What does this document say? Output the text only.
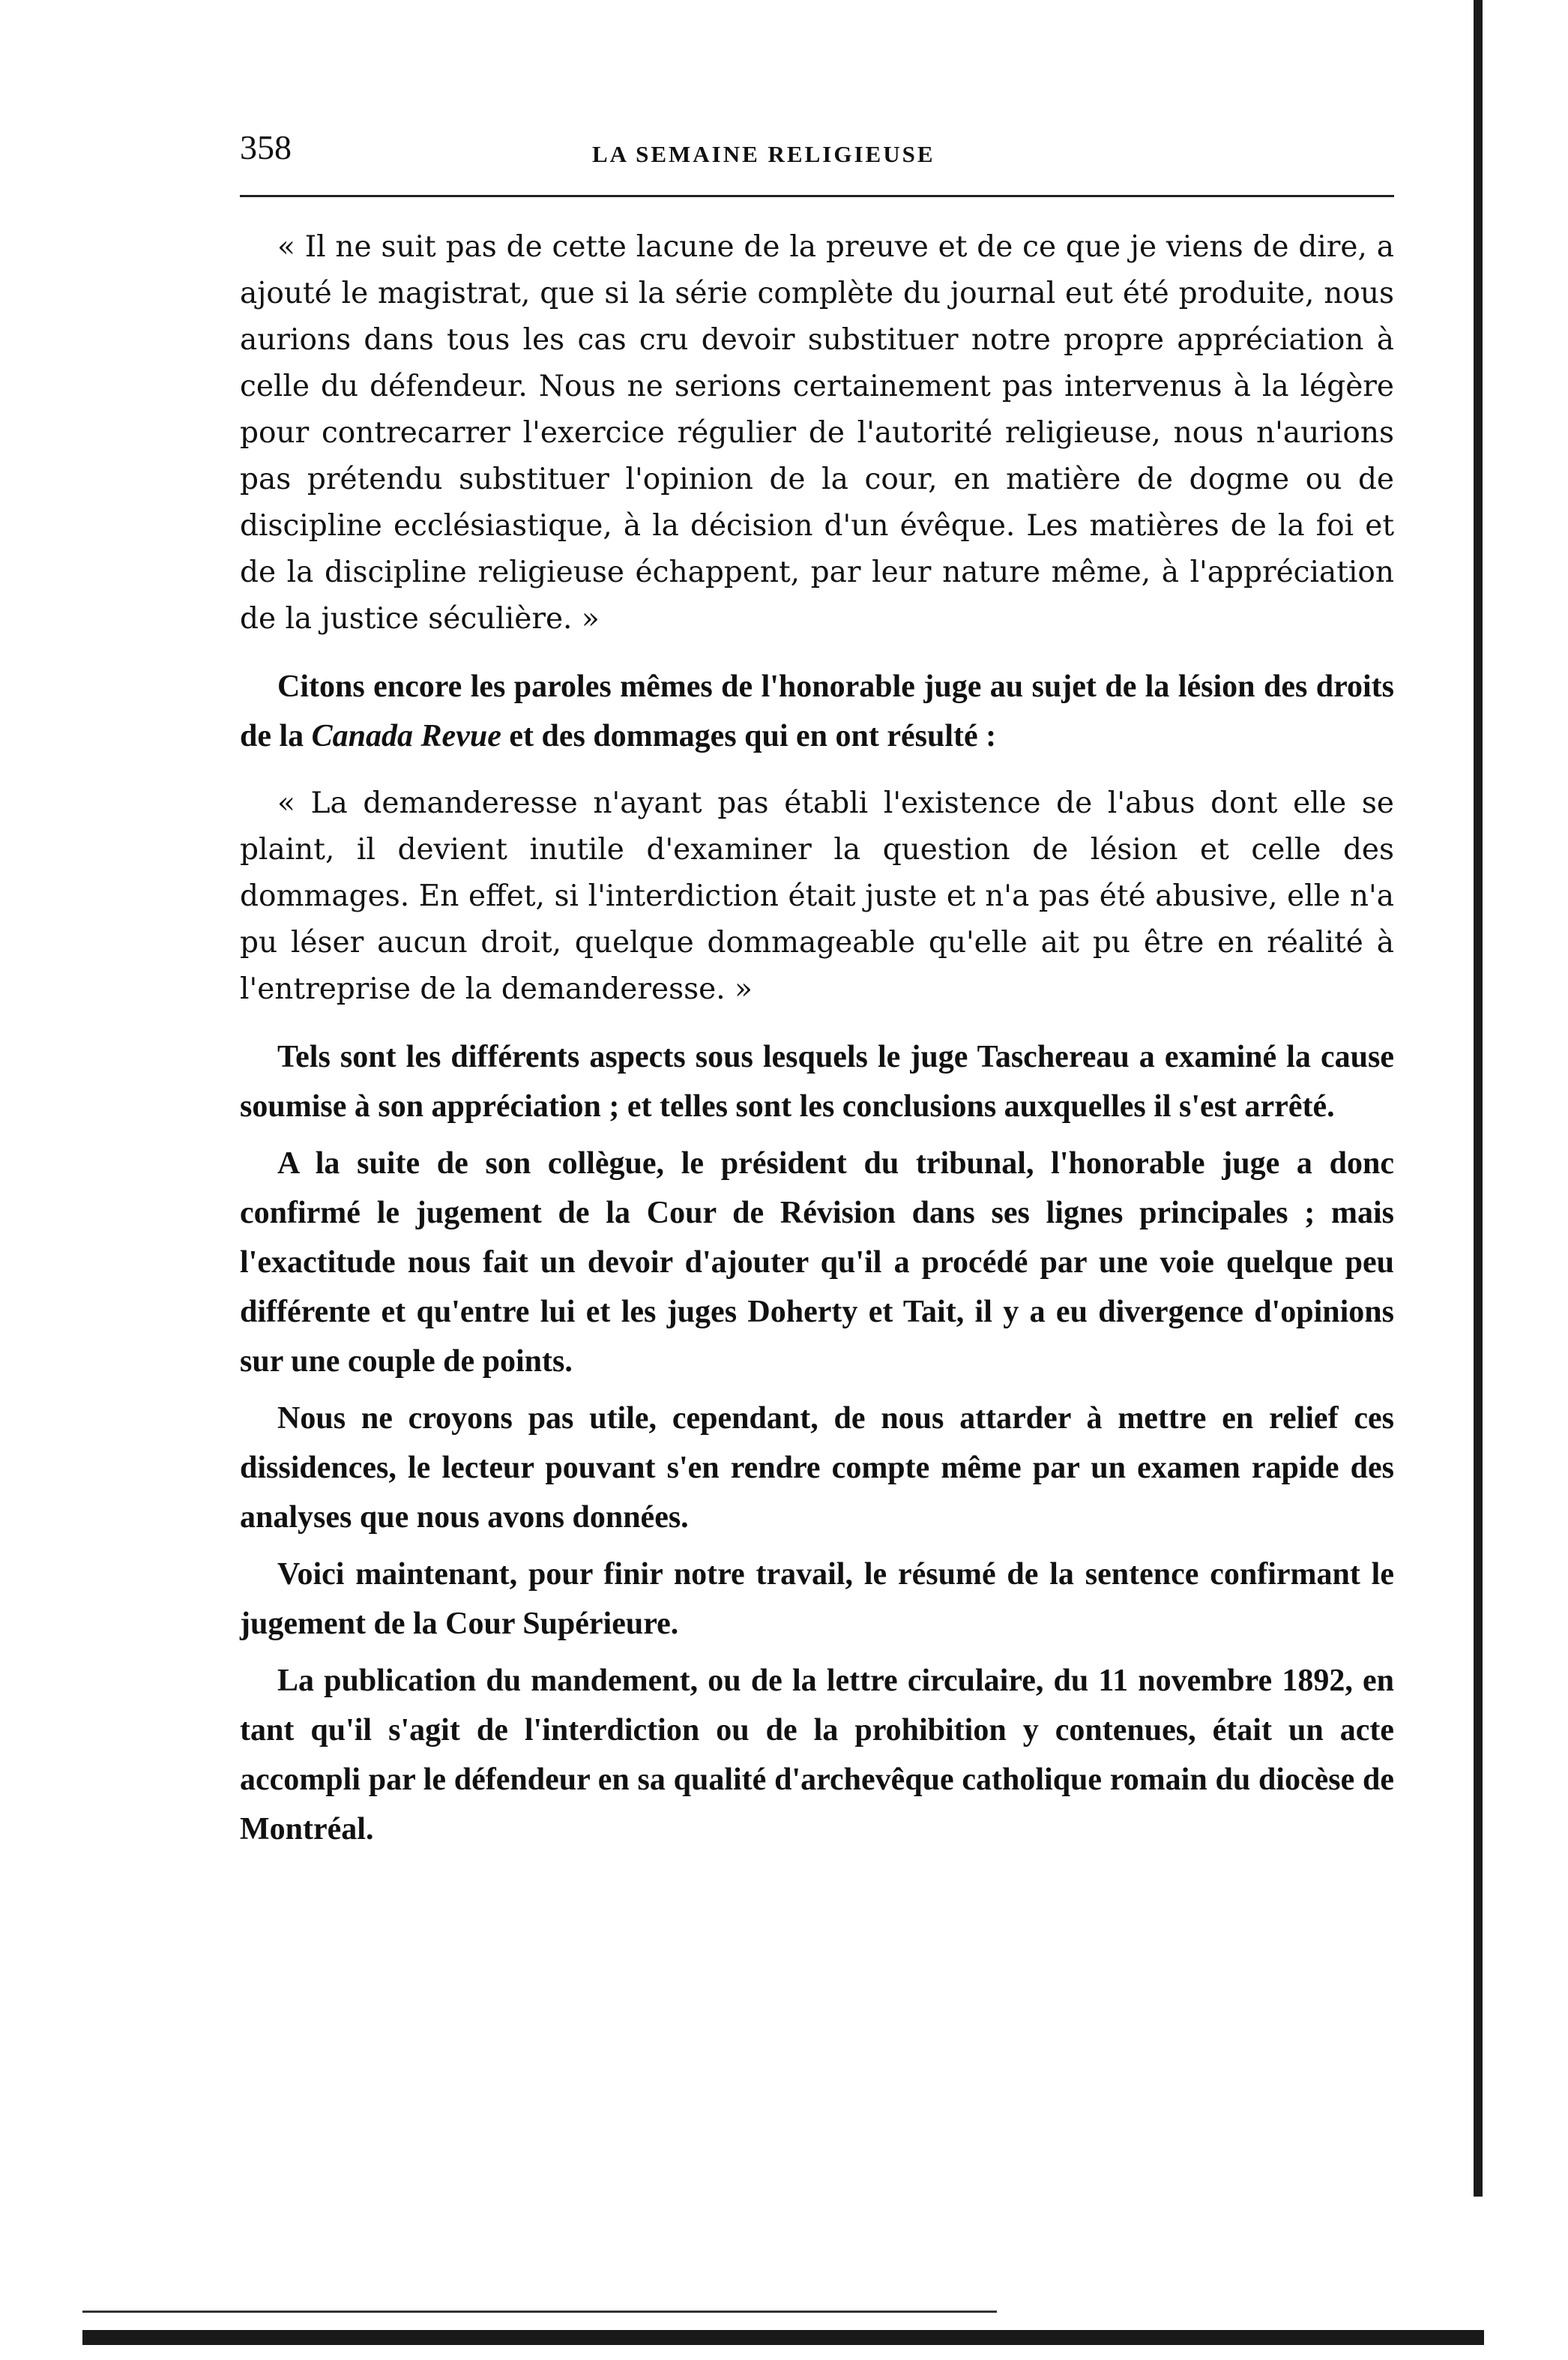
358	LA SEMAINE RELIGIEUSE

« Il ne suit pas de cette lacune de la preuve et de ce que je viens de dire, a ajouté le magistrat, que si la série complète du journal eut été produite, nous aurions dans tous les cas cru devoir substituer notre propre appréciation à celle du défendeur. Nous ne serions certainement pas intervenus à la légère pour contrecarrer l'exercice régulier de l'autorité religieuse, nous n'aurions pas prétendu substituer l'opinion de la cour, en matière de dogme ou de discipline ecclésiastique, à la décision d'un évêque. Les matières de la foi et de la discipline religieuse échappent, par leur nature même, à l'appréciation de la justice séculière. »

Citons encore les paroles mêmes de l'honorable juge au sujet de la lésion des droits de la Canada Revue et des dommages qui en ont résulté :

« La demanderesse n'ayant pas établi l'existence de l'abus dont elle se plaint, il devient inutile d'examiner la question de lésion et celle des dommages. En effet, si l'interdiction était juste et n'a pas été abusive, elle n'a pu léser aucun droit, quelque dommageable qu'elle ait pu être en réalité à l'entreprise de la demanderesse. »

Tels sont les différents aspects sous lesquels le juge Taschereau a examiné la cause soumise à son appréciation ; et telles sont les conclusions auxquelles il s'est arrêté.

A la suite de son collègue, le président du tribunal, l'honorable juge a donc confirmé le jugement de la Cour de Révision dans ses lignes principales ; mais l'exactitude nous fait un devoir d'ajouter qu'il a procédé par une voie quelque peu différente et qu'entre lui et les juges Doherty et Tait, il y a eu divergence d'opinions sur une couple de points.

Nous ne croyons pas utile, cependant, de nous attarder à mettre en relief ces dissidences, le lecteur pouvant s'en rendre compte même par un examen rapide des analyses que nous avons données.

Voici maintenant, pour finir notre travail, le résumé de la sentence confirmant le jugement de la Cour Supérieure.

La publication du mandement, ou de la lettre circulaire, du 11 novembre 1892, en tant qu'il s'agit de l'interdiction ou de la prohibition y contenues, était un acte accompli par le défendeur en sa qualité d'archevêque catholique romain du diocèse de Montréal.
